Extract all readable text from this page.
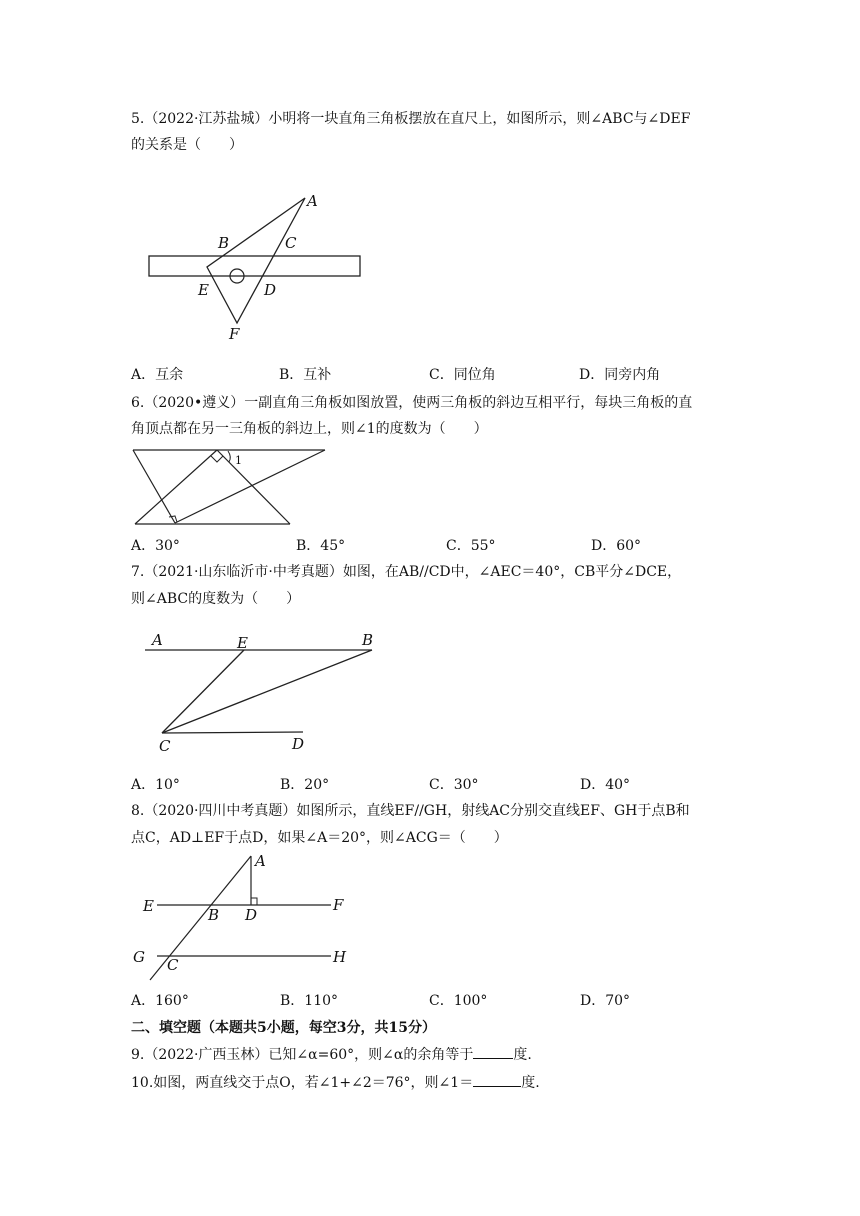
5.（2022·江苏盐城）小明将一块直角三角板摆放在直尺上，如图所示，则∠ABC与∠DEF
的关系是（　　）
A
B	C
D
E
F
A．互余	B．互补	C．同位角	D．同旁内角
6.（2020•遵义）一副直角三角板如图放置，使两三角板的斜边互相平行，每块三角板的直
角顶点都在另一三角板的斜边上，则∠1的度数为（　　）
1
A．30°	B．45°	C．55°	D．60°
7.（2021·山东临沂市·中考真题）如图，在AB//CD中，∠AEC＝40°，CB平分∠DCE，
则∠ABC的度数为（　　）
A	E	B
C	D
A．10°	B．20°	C．30°	D．40°
8.（2020·四川中考真题）如图所示，直线EF//GH，射线AC分别交直线EF、GH于点B和
点C，AD⊥EF于点D，如果∠A＝20°，则∠ACG＝（　　）
A
E	B D
F
G C	H
A．160°	B．110°	C．100°	D．70°
二、填空题（本题共5小题，每空3分，共15分）
9.（2022·广西玉林）已知∠α=60°，则∠α的余角等于	度.
10.如图，两直线交于点O，若∠1+∠2＝76°，则∠1＝	度.
